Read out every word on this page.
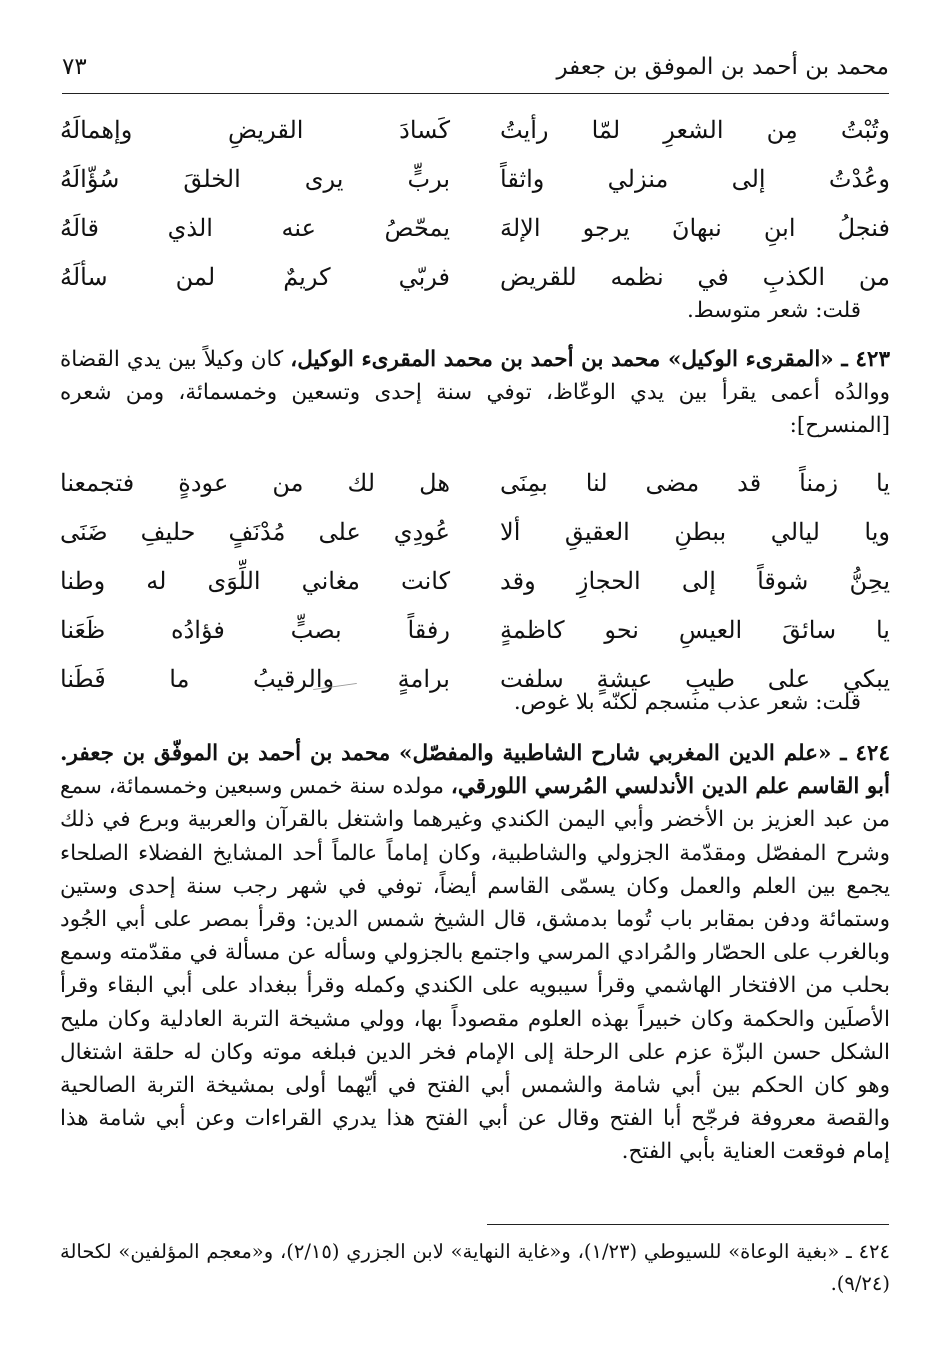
محمد بن أحمد بن الموفق بن جعفر
٧٣
وتُبْتُ مِن الشعرِ لمّا رأيتُ
كَسادَ القريضِ وإهمالَهُ
وعُدْتُ إلى منزلي واثقاً
بربٍّ يرى الخلقَ سُؤّالَهُ
فنجلُ ابنِ نبهانَ يرجو الإلهَ
يمحّصُ عنه الذي قالَهُ
من الكذبِ في نظمه للقريض
فربّي كريمٌ لمن سألَهُ
قلت: شعر متوسط.
٤٢٣ ـ «المقرىء الوكيل» محمد بن أحمد بن محمد المقرىء الوكيل، كان وكيلاً بين يدي القضاة ووالدُه أعمى يقرأ بين يدي الوعّاظ، توفي سنة إحدى وتسعين وخمسمائة، ومن شعره [المنسرح]:
يا زمناً قد مضى لنا بمِنَى
هل لك من عودةٍ فتجمعنا
ويا ليالي ببطنِ العقيقِ ألا
عُودِي على مُدْنَفٍ حليفِ ضَنَى
يحِنُّ شوقاً إلى الحجازِ وقد
كانت مغاني اللِّوَى له وطنا
يا سائقَ العيسِ نحو كاظمةٍ
رفقاً بصبٍّ فؤادُه ظَعَنا
يبكي على طيبِ عيشةٍ سلفت
برامةٍ والرقيبُ ما فَطَنا
قلت: شعر عذب منسجم لكنّه بلا غوص.
٤٢٤ ـ «علم الدين المغربي شارح الشاطبية والمفصّل» محمد بن أحمد بن الموفّق بن جعفر. أبو القاسم علم الدين الأندلسي المُرسي اللورقي، مولده سنة خمس وسبعين وخمسمائة، سمع من عبد العزيز بن الأخضر وأبي اليمن الكندي وغيرهما واشتغل بالقرآن والعربية وبرع في ذلك وشرح المفصّل ومقدّمة الجزولي والشاطبية، وكان إماماً عالماً أحد المشايخ الفضلاء الصلحاء يجمع بين العلم والعمل وكان يسمّى القاسم أيضاً، توفي في شهر رجب سنة إحدى وستين وستمائة ودفن بمقابر باب تُوما بدمشق، قال الشيخ شمس الدين: وقرأ بمصر على أبي الجُود وبالغرب على الحصّار والمُرادي المرسي واجتمع بالجزولي وسأله عن مسألة في مقدّمته وسمع بحلب من الافتخار الهاشمي وقرأ سيبويه على الكندي وكمله وقرأ ببغداد على أبي البقاء وقرأ الأصلَين والحكمة وكان خبيراً بهذه العلوم مقصوداً بها، وولي مشيخة التربة العادلية وكان مليح الشكل حسن البزّة عزم على الرحلة إلى الإمام فخر الدين فبلغه موته وكان له حلقة اشتغال وهو كان الحكم بين أبي شامة والشمس أبي الفتح في أيّهما أولى بمشيخة التربة الصالحية والقصة معروفة فرجّح أبا الفتح وقال عن أبي الفتح هذا يدري القراءات وعن أبي شامة هذا إمام فوقعت العناية بأبي الفتح.
٤٢٤ ـ «بغية الوعاة» للسيوطي (١/٢٣)، و«غاية النهاية» لابن الجزري (٢/١٥)، و«معجم المؤلفين» لكحالة (٩/٢٤).
